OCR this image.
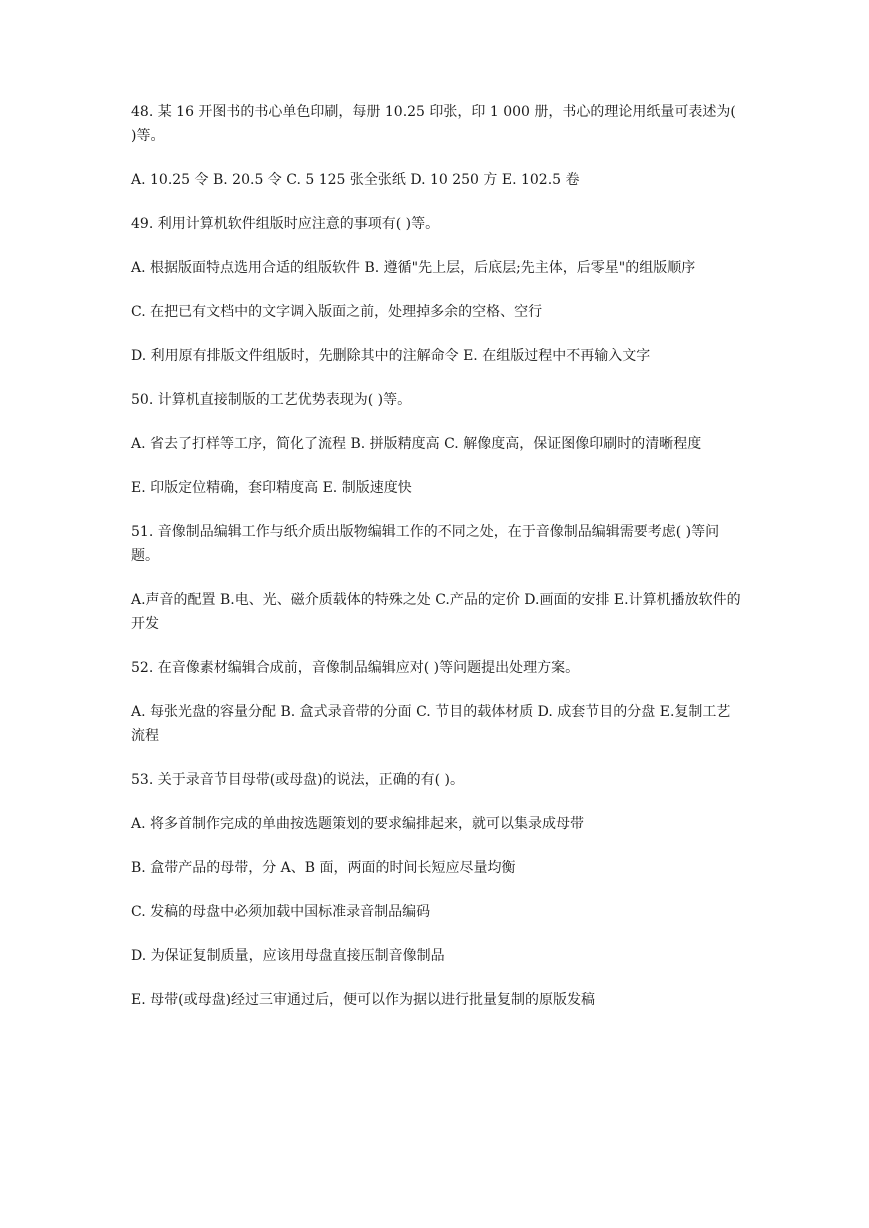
48. 某 16 开图书的书心单色印刷，每册 10.25 印张，印 1 000 册，书心的理论用纸量可表述为( )等。

A. 10.25 令 B. 20.5 令 C. 5 125 张全张纸 D. 10 250 方 E. 102.5 卷

49. 利用计算机软件组版时应注意的事项有( )等。

A. 根据版面特点选用合适的组版软件 B. 遵循"先上层，后底层;先主体，后零星"的组版顺序

C. 在把已有文档中的文字调入版面之前，处理掉多余的空格、空行

D. 利用原有排版文件组版时，先删除其中的注解命令 E. 在组版过程中不再输入文字

50. 计算机直接制版的工艺优势表现为( )等。

A. 省去了打样等工序，简化了流程 B. 拼版精度高 C. 解像度高，保证图像印刷时的清晰程度

E. 印版定位精确，套印精度高 E. 制版速度快

51. 音像制品编辑工作与纸介质出版物编辑工作的不同之处，在于音像制品编辑需要考虑( )等问题。

A.声音的配置 B.电、光、磁介质载体的特殊之处 C.产品的定价 D.画面的安排 E.计算机播放软件的开发

52. 在音像素材编辑合成前，音像制品编辑应对( )等问题提出处理方案。

A. 每张光盘的容量分配 B. 盒式录音带的分面 C. 节目的载体材质 D. 成套节目的分盘 E.复制工艺流程

53. 关于录音节目母带(或母盘)的说法，正确的有( )。

A. 将多首制作完成的单曲按选题策划的要求编排起来，就可以集录成母带

B. 盒带产品的母带，分 A、B 面，两面的时间长短应尽量均衡

C. 发稿的母盘中必须加载中国标准录音制品编码

D. 为保证复制质量，应该用母盘直接压制音像制品

E. 母带(或母盘)经过三审通过后，便可以作为据以进行批量复制的原版发稿
